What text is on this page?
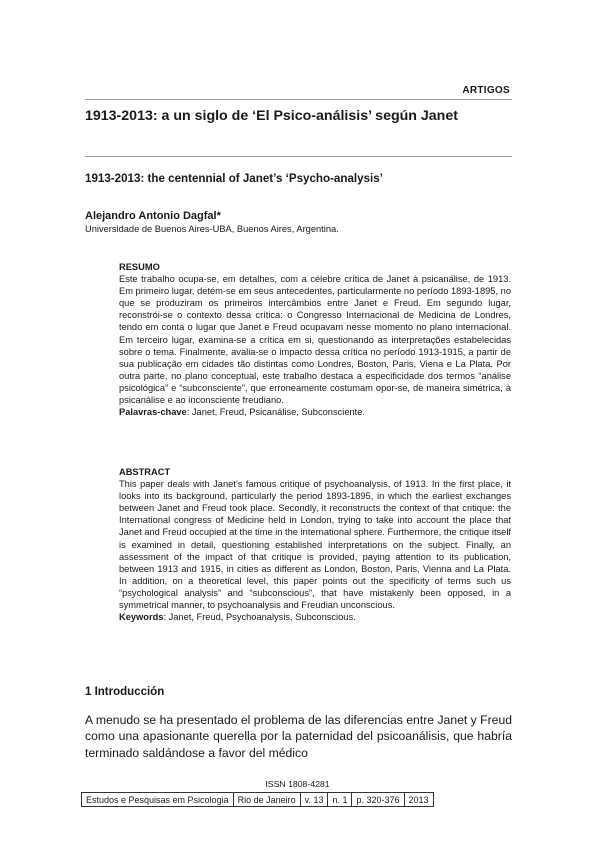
ARTIGOS
1913-2013: a un siglo de ‘El Psico-análisis’ según Janet
1913-2013: the centennial of Janet’s ‘Psycho-analysis’
Alejandro Antonio Dagfal*
Universidade de Buenos Aires-UBA, Buenos Aires, Argentina.
RESUMO
Este trabalho ocupa-se, em detalhes, com a célebre crítica de Janet à psicanálise, de 1913. Em primeiro lugar, detém-se em seus antecedentes, particularmente no período 1893-1895, no que se produziram os primeiros intercâmbios entre Janet e Freud. Em segundo lugar, reconstrói-se o contexto dessa crítica: o Congresso Internacional de Medicina de Londres, tendo em conta o lugar que Janet e Freud ocupavam nesse momento no plano internacional. Em terceiro lugar, examina-se a crítica em si, questionando as interpretações estabelecidas sobre o tema. Finalmente, avalia-se o impacto dessa crítica no período 1913-1915, a partir de sua publicação em cidades tão distintas como Londres, Boston, Paris, Viena e La Plata. Por outra parte, no plano conceptual, este trabalho destaca a especificidade dos termos “análise psicológica” e “subconsciente”, que erroneamente costumam opor-se, de maneira simétrica, à psicanálise e ao inconsciente freudiano.
Palavras-chave: Janet, Freud, Psicanálise, Subconsciente.
ABSTRACT
This paper deals with Janet’s famous critique of psychoanalysis, of 1913. In the first place, it looks into its background, particularly the period 1893-1895, in which the earliest exchanges between Janet and Freud took place. Secondly, it reconstructs the context of that critique: the International congress of Medicine held in London, trying to take into account the place that Janet and Freud occupied at the time in the international sphere. Furthermore, the critique itself is examined in detail, questioning established interpretations on the subject. Finally, an assessment of the impact of that critique is provided, paying attention to its publication, between 1913 and 1915, in cities as different as London, Boston, Paris, Vienna and La Plata. In addition, on a theoretical level, this paper points out the specificity of terms such us “psychological analysis” and “subconscious”, that have mistakenly been opposed, in a symmetrical manner, to psychoanalysis and Freudian unconscious.
Keywords: Janet, Freud, Psychoanalysis, Subconscious.
1 Introducción
A menudo se ha presentado el problema de las diferencias entre Janet y Freud como una apasionante querella por la paternidad del psicoanálisis, que habría terminado saldándose a favor del médico
ISSN 1808-4281
Estudos e Pesquisas em Psicologia	Rio de Janeiro	v. 13	n. 1	p. 320-376	2013
